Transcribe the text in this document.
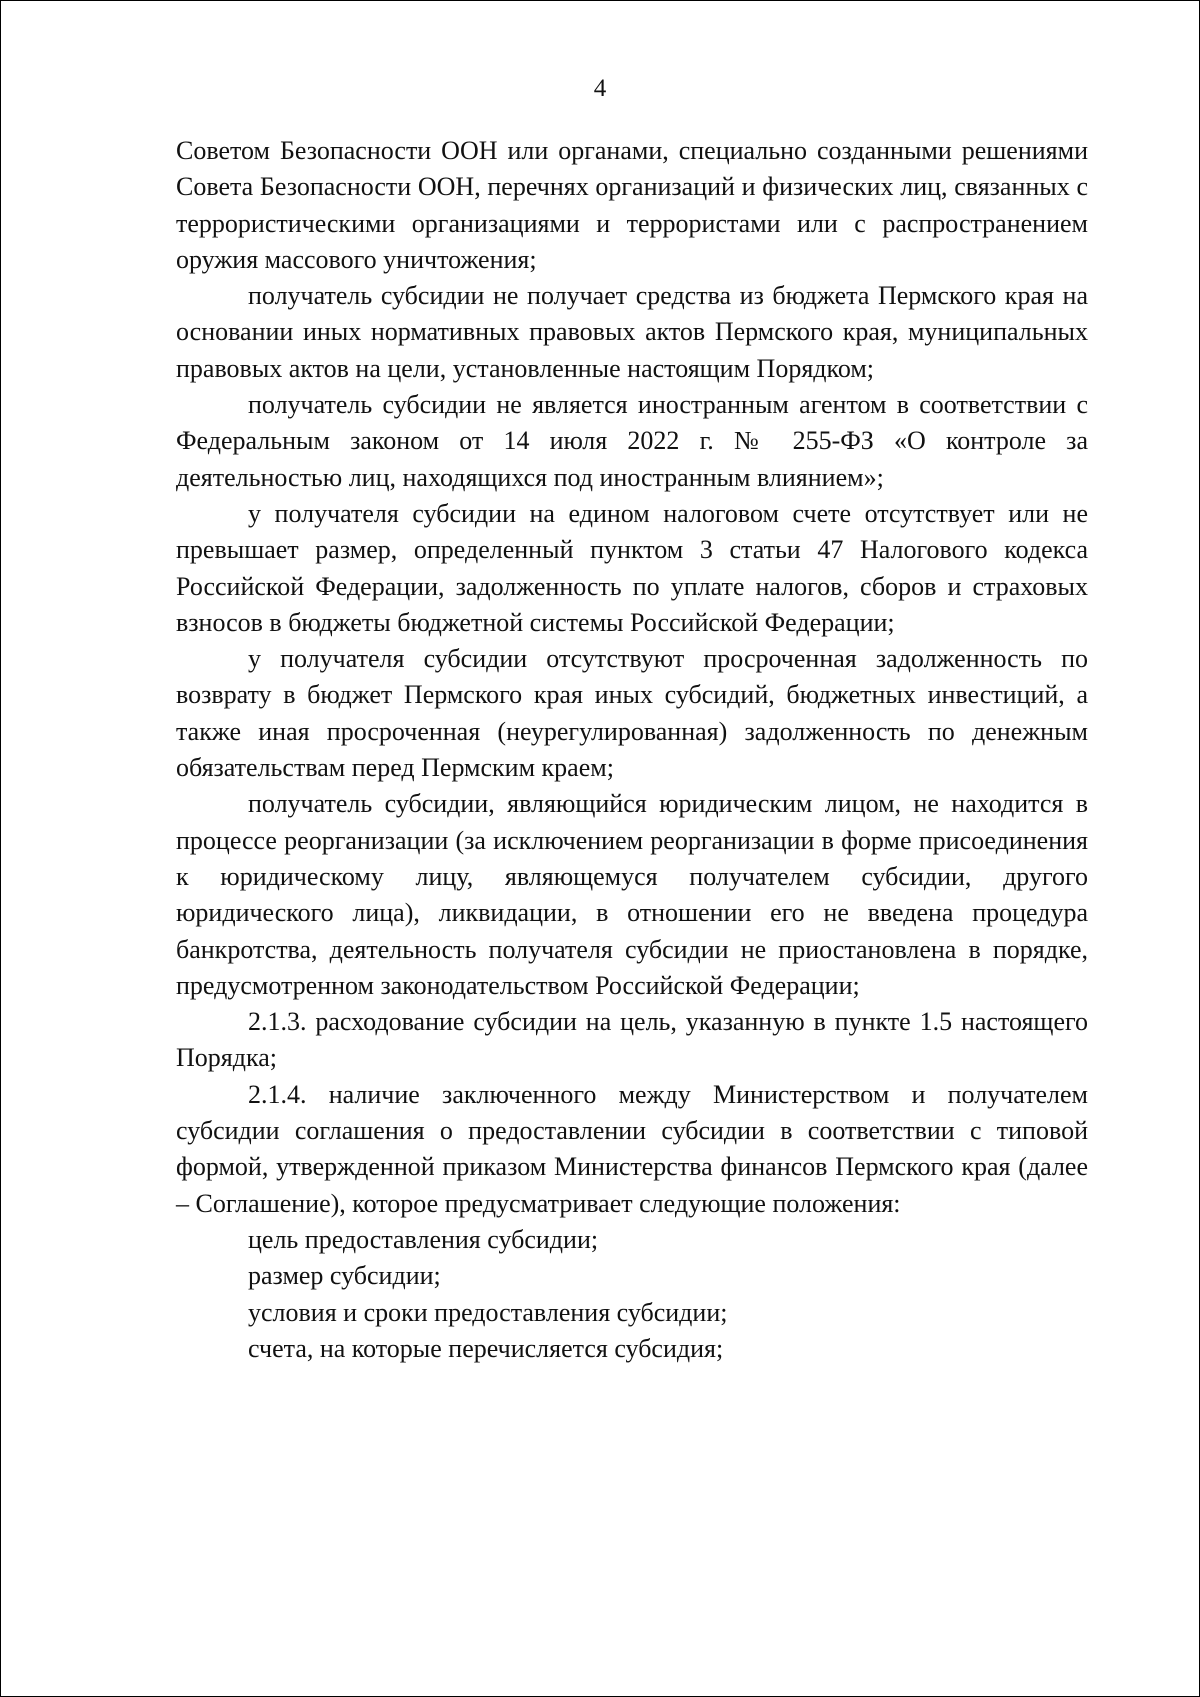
4

Советом Безопасности ООН или органами, специально созданными решениями Совета Безопасности ООН, перечнях организаций и физических лиц, связанных с террористическими организациями и террористами или с распространением оружия массового уничтожения;

получатель субсидии не получает средства из бюджета Пермского края на основании иных нормативных правовых актов Пермского края, муниципальных правовых актов на цели, установленные настоящим Порядком;

получатель субсидии не является иностранным агентом в соответствии с Федеральным законом от 14 июля 2022 г. № 255-ФЗ «О контроле за деятельностью лиц, находящихся под иностранным влиянием»;

у получателя субсидии на едином налоговом счете отсутствует или не превышает размер, определенный пунктом 3 статьи 47 Налогового кодекса Российской Федерации, задолженность по уплате налогов, сборов и страховых взносов в бюджеты бюджетной системы Российской Федерации;

у получателя субсидии отсутствуют просроченная задолженность по возврату в бюджет Пермского края иных субсидий, бюджетных инвестиций, а также иная просроченная (неурегулированная) задолженность по денежным обязательствам перед Пермским краем;

получатель субсидии, являющийся юридическим лицом, не находится в процессе реорганизации (за исключением реорганизации в форме присоединения к юридическому лицу, являющемуся получателем субсидии, другого юридического лица), ликвидации, в отношении его не введена процедура банкротства, деятельность получателя субсидии не приостановлена в порядке, предусмотренном законодательством Российской Федерации;

2.1.3. расходование субсидии на цель, указанную в пункте 1.5 настоящего Порядка;

2.1.4. наличие заключенного между Министерством и получателем субсидии соглашения о предоставлении субсидии в соответствии с типовой формой, утвержденной приказом Министерства финансов Пермского края (далее – Соглашение), которое предусматривает следующие положения:

цель предоставления субсидии;

размер субсидии;

условия и сроки предоставления субсидии;

счета, на которые перечисляется субсидия;
